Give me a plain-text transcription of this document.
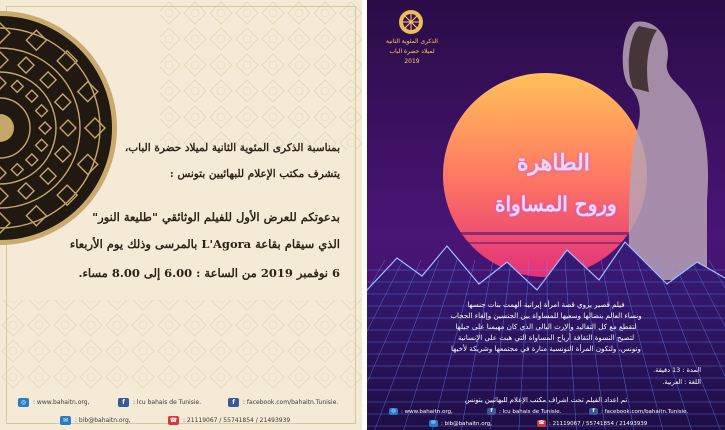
بمناسبة الذكرى المئوية الثانية لميلاد حضرة الباب،
يتشرف مكتب الإعلام للبهائيين بتونس :
بدعوتكم للعرض الأول للفيلم الوثائقي "طليعة النور"
الذي سيقام بقاعة L'Agora بالمرسى وذلك يوم الأربعاء
6 نوفمبر 2019 من الساعة : 6.00 إلى 8.00 مساء.
◎	: www.bahaitn.org,	f	: lcu bahais de Tunisie.	f	: facebook.com/bahaitn.Tunisie.
✉	: bib@bahaitn.org,	☎ : 21119067 / 55741854 / 21493939
الذكرى المئوية الثانية
لميلاد حضرة الباب
2019
الطاهرة
وروح المساواة
فيلم قصير يروي قصة امرأة إيرانية ألهمت بنات جنسها
ونساء العالم بنضالها وسعيها للمساواة بين الجنسين وإلغاء الحجاب
لتقطع مع كل التقاليد والإرث البالي الذي كان مهيمنا على جيلها
لتصيح النسوة الثقافة أرياح المساواة التي هبت على الإنسانية
وتونس، ولتكون المرأة التونسية منارة في مجتمعها وشريكة لأخيها
المدة : 13 دقيقة.
اللغة : العربية.
تم اعداد الفيلم تحت اشراف مكتب الإعلام للبهائيين بتونس
◎ : www.bahaitn.org,	f	: lcu bahais de Tunisie.	f	: facebook.com/bahaitn.Tunisie.
✉ : bib@bahaitn.org,	☎ : 21119067 / 55741854 / 21493939
